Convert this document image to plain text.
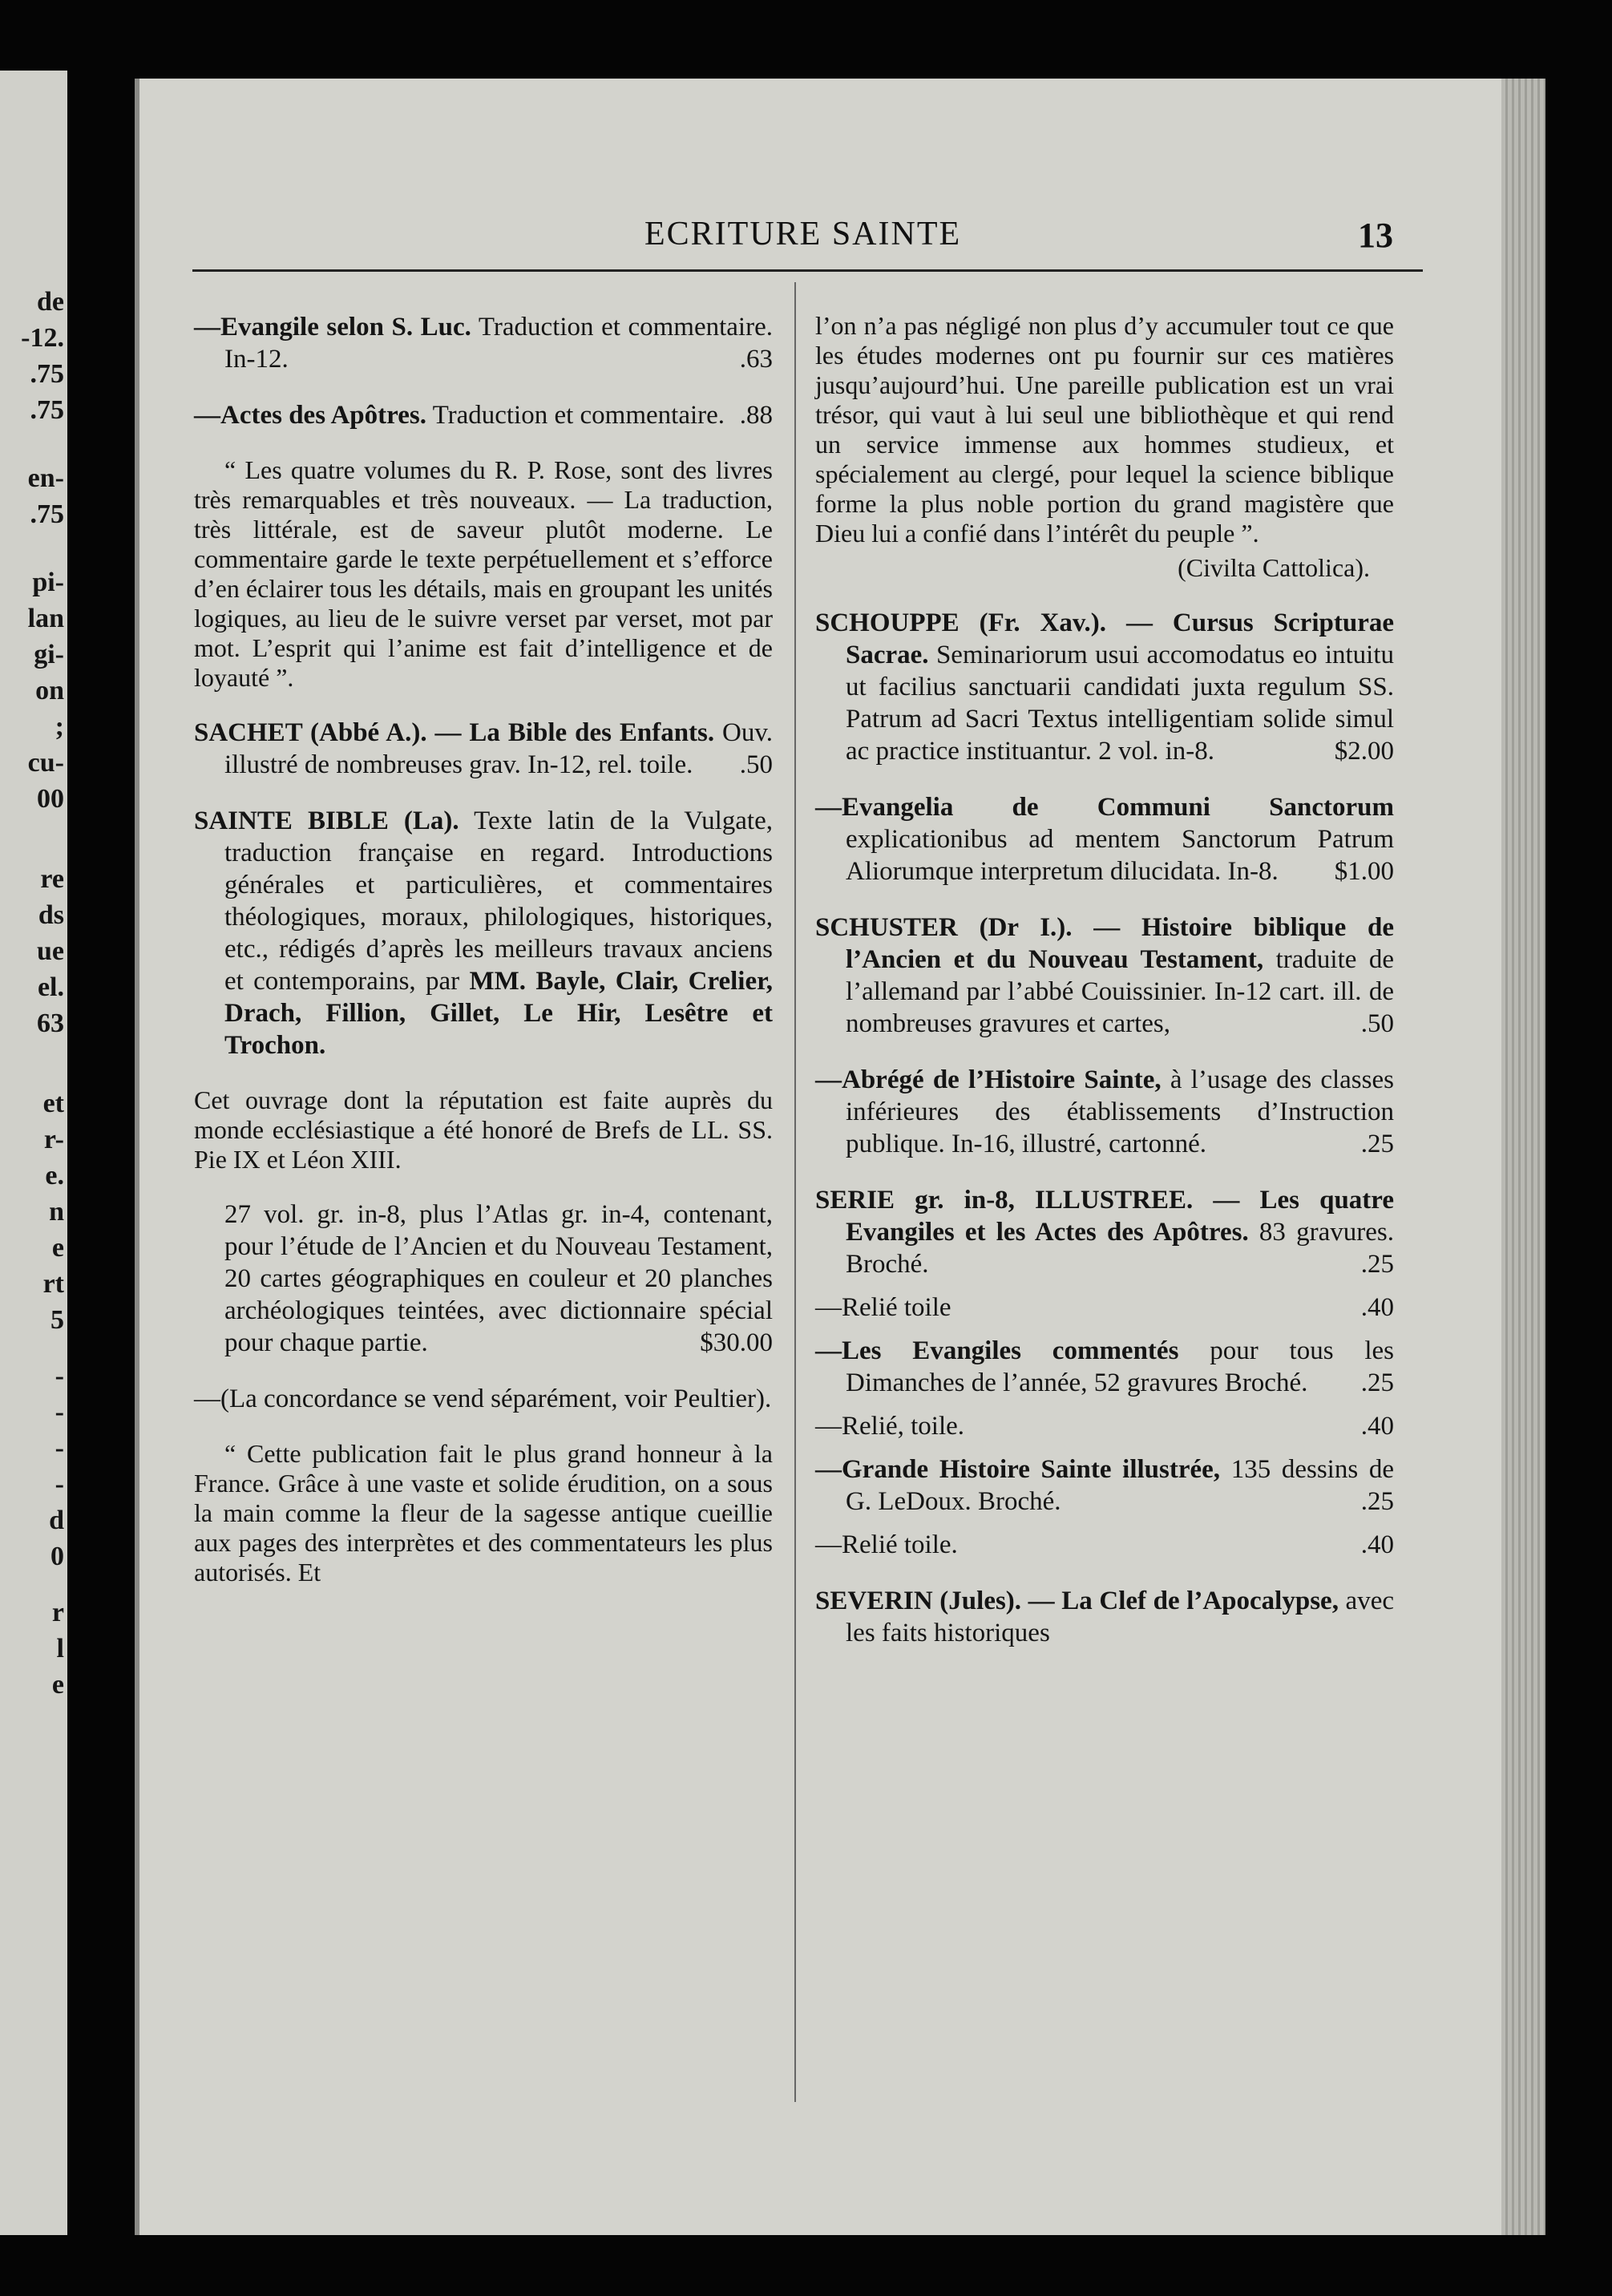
de
-12.
.75
.75
en-
.75
pi-
lan
gi-
on
;
cu-
00
re
ds
ue
el.
63
et
r-
e.
n
e
rt
5
-
-
-
-
d
0
r
l
e
ECRITURE SAINTE	13

—Evangile selon S. Luc. Traduction et commentaire. In-12.	.63

—Actes des Apôtres. Traduction et commentaire. .88

“ Les quatre volumes du R. P. Rose, sont des livres très remarquables et très nouveaux. — La traduction, très littérale, est de saveur plutôt moderne. Le commentaire garde le texte perpétuellement et s’efforce d’en éclairer tous les détails, mais en groupant les unités logiques, au lieu de le suivre verset par verset, mot par mot. L’esprit qui l’anime est fait d’intelligence et de loyauté ”.

SACHET (Abbé A.). — La Bible des Enfants. Ouv. illustré de nombreuses grav. In-12, rel. toile. .50

SAINTE BIBLE (La). Texte latin de la Vulgate, traduction française en regard. Introductions générales et particulières, et commentaires théologiques, moraux, philologiques, historiques, etc., rédigés d’après les meilleurs travaux anciens et contemporains, par MM. Bayle, Clair, Crelier, Drach, Fillion, Gillet, Le Hir, Lesêtre et Trochon.

Cet ouvrage dont la réputation est faite auprès du monde ecclésiastique a été honoré de Brefs de LL. SS. Pie IX et Léon XIII.

27 vol. gr. in-8, plus l’Atlas gr. in-4, contenant, pour l’étude de l’Ancien et du Nouveau Testament, 20 cartes géographiques en couleur et 20 planches archéologiques teintées, avec dictionnaire spécial pour chaque partie.	$30.00

—(La concordance se vend séparément, voir Peultier).

“ Cette publication fait le plus grand honneur à la France. Grâce à une vaste et solide érudition, on a sous la main comme la fleur de la sagesse antique cueillie aux pages des interprètes et des commentateurs les plus autorisés. Et

l’on n’a pas négligé non plus d’y accumuler tout ce que les études modernes ont pu fournir sur ces matières jusqu’aujourd’hui. Une pareille publication est un vrai trésor, qui vaut à lui seul une bibliothèque et qui rend un service immense aux hommes studieux, et spécialement au clergé, pour lequel la science biblique forme la plus noble portion du grand magistère que Dieu lui a confié dans l’intérêt du peuple ”.

(Civilta Cattolica).

SCHOUPPE (Fr. Xav.). — Cursus Scripturae Sacrae. Seminariorum usui accomodatus eo intuitu ut facilius sanctuarii candidati juxta regulum SS. Patrum ad Sacri Textus intelligentiam solide simul ac practice instituantur. 2 vol. in-8.	$2.00

—Evangelia de Communi Sanctorum explicationibus ad mentem Sanctorum Patrum Aliorumque interpretum dilucidata. In-8. $1.00

SCHUSTER (Dr I.). — Histoire biblique de l’Ancien et du Nouveau Testament, traduite de l’allemand par l’abbé Couissinier. In-12 cart. ill. de nombreuses gravures et cartes,	.50

—Abrégé de l’Histoire Sainte, à l’usage des classes inférieures des établissements d’Instruction publique. In-16, illustré, cartonné.	.25

SERIE gr. in-8, ILLUSTREE. — Les quatre Evangiles et les Actes des Apôtres. 83 gravures. Broché.	.25

—Relié toile	.40

—Les Evangiles commentés pour tous les Dimanches de l’année, 52 gravures Broché. .25

—Relié, toile.	.40

—Grande Histoire Sainte illustrée, 135 dessins de G. LeDoux. Broché.	.25

—Relié toile.	.40

SEVERIN (Jules). — La Clef de l’Apocalypse, avec les faits historiques
